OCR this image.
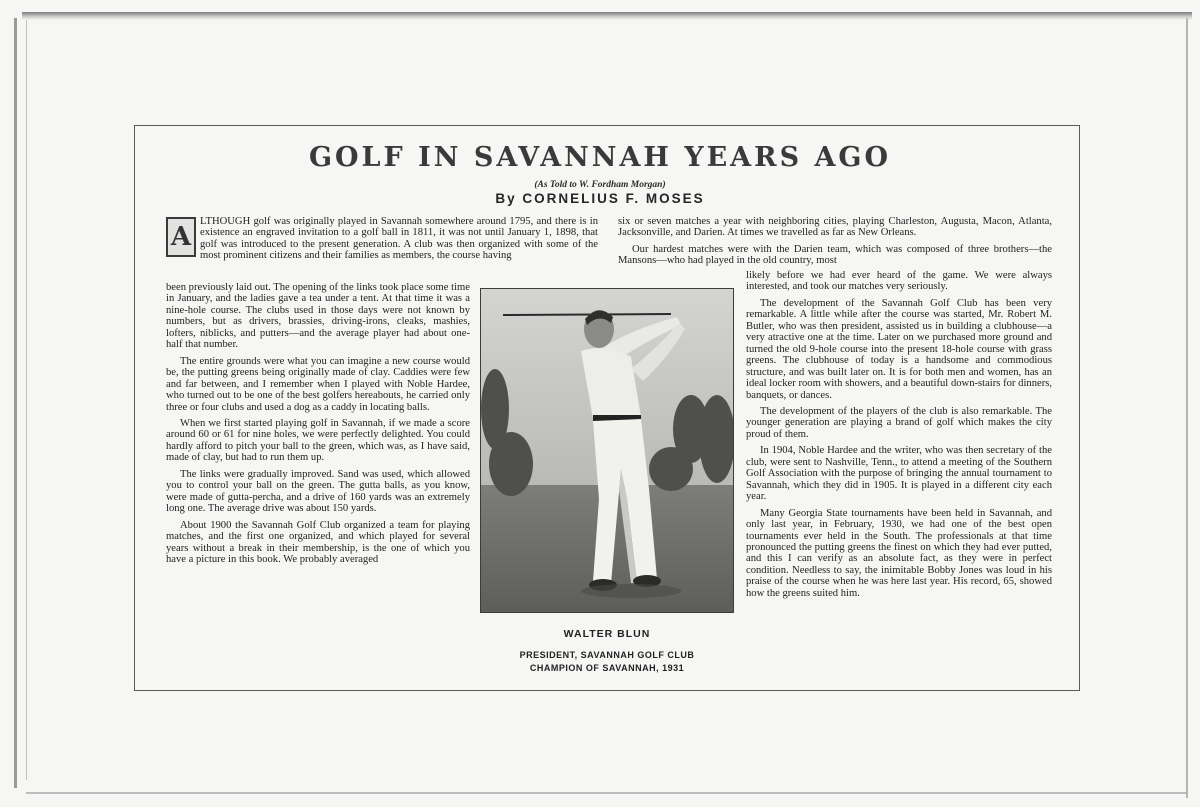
GOLF IN SAVANNAH YEARS AGO
(As Told to W. Fordham Morgan)
By CORNELIUS F. MOSES

A
LTHOUGH golf was originally played in Savannah somewhere around 1795, and there is in existence an engraved invitation to a golf ball in 1811, it was not until January 1, 1898, that golf was introduced to the present generation. A club was then organized with some of the most prominent citizens and their families as members, the course having

been previously laid out. The opening of the links took place some time in January, and the ladies gave a tea under a tent. At that time it was a nine-hole course. The clubs used in those days were not known by numbers, but as drivers, brassies, driving-irons, cleaks, mashies, lofters, niblicks, and putters—and the average player had about one-half that number.

The entire grounds were what you can imagine a new course would be, the putting greens being originally made of clay. Caddies were few and far between, and I remember when I played with Noble Hardee, who turned out to be one of the best golfers hereabouts, he carried only three or four clubs and used a dog as a caddy in locating balls.

When we first started playing golf in Savannah, if we made a score around 60 or 61 for nine holes, we were perfectly delighted. You could hardly afford to pitch your ball to the green, which was, as I have said, made of clay, but had to run them up.

The links were gradually improved. Sand was used, which allowed you to control your ball on the green. The gutta balls, as you know, were made of gutta-percha, and a drive of 160 yards was an extremely long one. The average drive was about 150 yards.

About 1900 the Savannah Golf Club organized a team for playing matches, and the first one organized, and which played for several years without a break in their membership, is the one of which you have a picture in this book. We probably averaged

six or seven matches a year with neighboring cities, playing Charleston, Augusta, Macon, Atlanta, Jacksonville, and Darien. At times we travelled as far as New Orleans.

Our hardest matches were with the Darien team, which was composed of three brothers—the Mansons—who had played in the old country, most

likely before we had ever heard of the game. We were always interested, and took our matches very seriously.

The development of the Savannah Golf Club has been very remarkable. A little while after the course was started, Mr. Robert M. Butler, who was then president, assisted us in building a clubhouse—a very atractive one at the time. Later on we purchased more ground and turned the old 9-hole course into the present 18-hole course with grass greens. The clubhouse of today is a handsome and commodious structure, and was built later on. It is for both men and women, has an ideal locker room with showers, and a beautiful down-stairs for dinners, banquets, or dances.

The development of the players of the club is also remarkable. The younger generation are playing a brand of golf which makes the city proud of them.

In 1904, Noble Hardee and the writer, who was then secretary of the club, were sent to Nashville, Tenn., to attend a meeting of the Southern Golf Association with the purpose of bringing the annual tournament to Savannah, which they did in 1905. It is played in a different city each year.

Many Georgia State tournaments have been held in Savannah, and only last year, in February, 1930, we had one of the best open tournaments ever held in the South. The professionals at that time pronounced the putting greens the finest on which they had ever putted, and this I can verify as an absolute fact, as they were in perfect condition. Needless to say, the inimitable Bobby Jones was loud in his praise of the course when he was here last year. His record, 65, showed how the greens suited him.

WALTER BLUN
PRESIDENT, SAVANNAH GOLF CLUB
CHAMPION OF SAVANNAH, 1931
